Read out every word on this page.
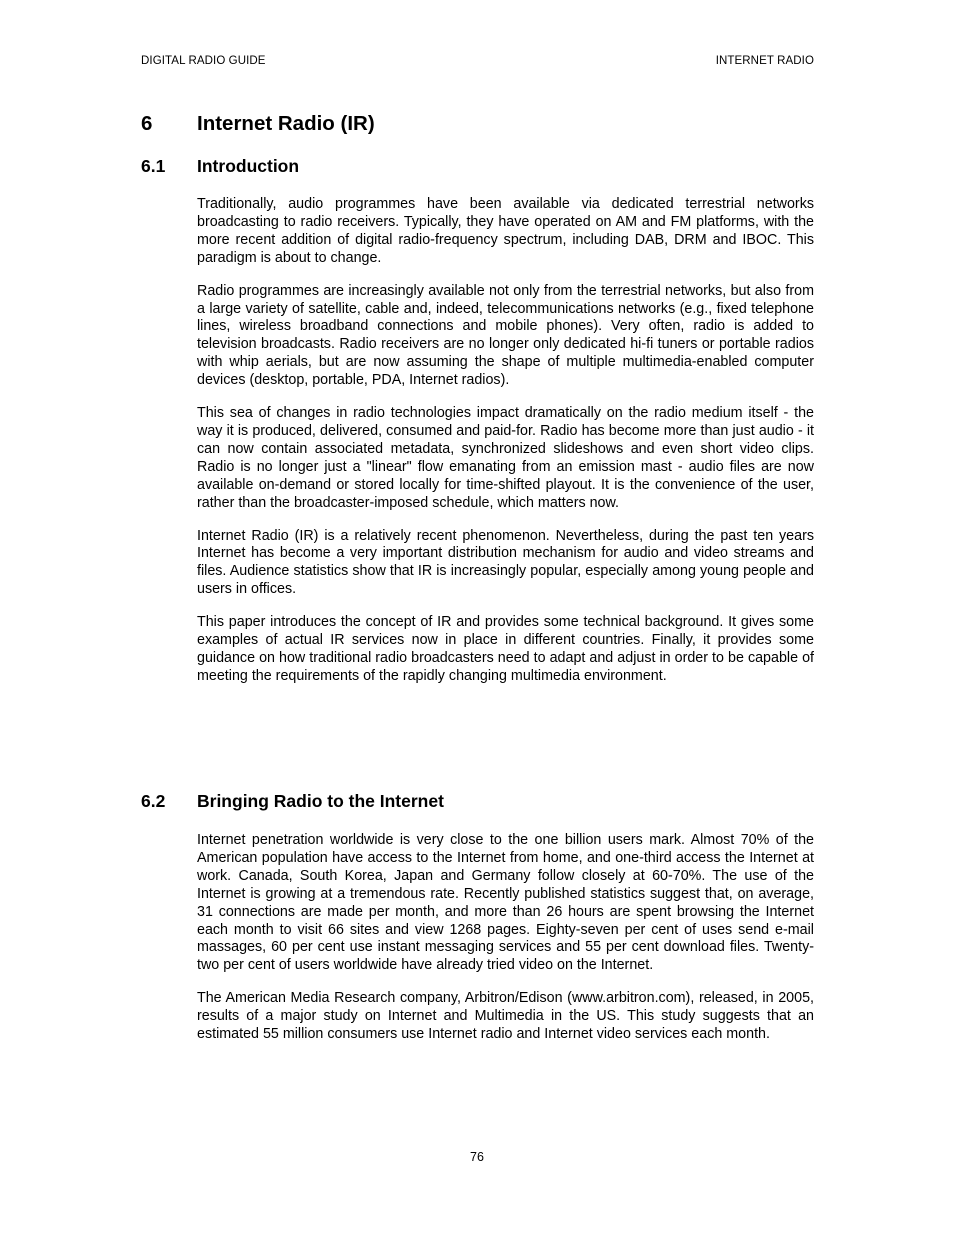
DIGITAL RADIO GUIDE	INTERNET RADIO
6	Internet Radio (IR)
6.1	Introduction

Traditionally, audio programmes have been available via dedicated terrestrial networks broadcasting to radio receivers. Typically, they have operated on AM and FM platforms, with the more recent addition of digital radio-frequency spectrum, including DAB, DRM and IBOC. This paradigm is about to change.

Radio programmes are increasingly available not only from the terrestrial networks, but also from a large variety of satellite, cable and, indeed, telecommunications networks (e.g., fixed telephone lines, wireless broadband connections and mobile phones). Very often, radio is added to television broadcasts. Radio receivers are no longer only dedicated hi-fi tuners or portable radios with whip aerials, but are now assuming the shape of multiple multimedia-enabled computer devices (desktop, portable, PDA, Internet radios).

This sea of changes in radio technologies impact dramatically on the radio medium itself - the way it is produced, delivered, consumed and paid-for. Radio has become more than just audio - it can now contain associated metadata, synchronized slideshows and even short video clips. Radio is no longer just a "linear" flow emanating from an emission mast - audio files are now available on-demand or stored locally for time-shifted playout. It is the convenience of the user, rather than the broadcaster-imposed schedule, which matters now.

Internet Radio (IR) is a relatively recent phenomenon. Nevertheless, during the past ten years Internet has become a very important distribution mechanism for audio and video streams and files. Audience statistics show that IR is increasingly popular, especially among young people and users in offices.

This paper introduces the concept of IR and provides some technical background. It gives some examples of actual IR services now in place in different countries. Finally, it provides some guidance on how traditional radio broadcasters need to adapt and adjust in order to be capable of meeting the requirements of the rapidly changing multimedia environment.

6.2	Bringing Radio to the Internet

Internet penetration worldwide is very close to the one billion users mark. Almost 70% of the American population have access to the Internet from home, and one-third access the Internet at work. Canada, South Korea, Japan and Germany follow closely at 60-70%. The use of the Internet is growing at a tremendous rate. Recently published statistics suggest that, on average, 31 connections are made per month, and more than 26 hours are spent browsing the Internet each month to visit 66 sites and view 1268 pages. Eighty-seven per cent of uses send e-mail massages, 60 per cent use instant messaging services and 55 per cent download files. Twenty-two per cent of users worldwide have already tried video on the Internet.

The American Media Research company, Arbitron/Edison (www.arbitron.com), released, in 2005, results of a major study on Internet and Multimedia in the US. This study suggests that an estimated 55 million consumers use Internet radio and Internet video services each month.

76
